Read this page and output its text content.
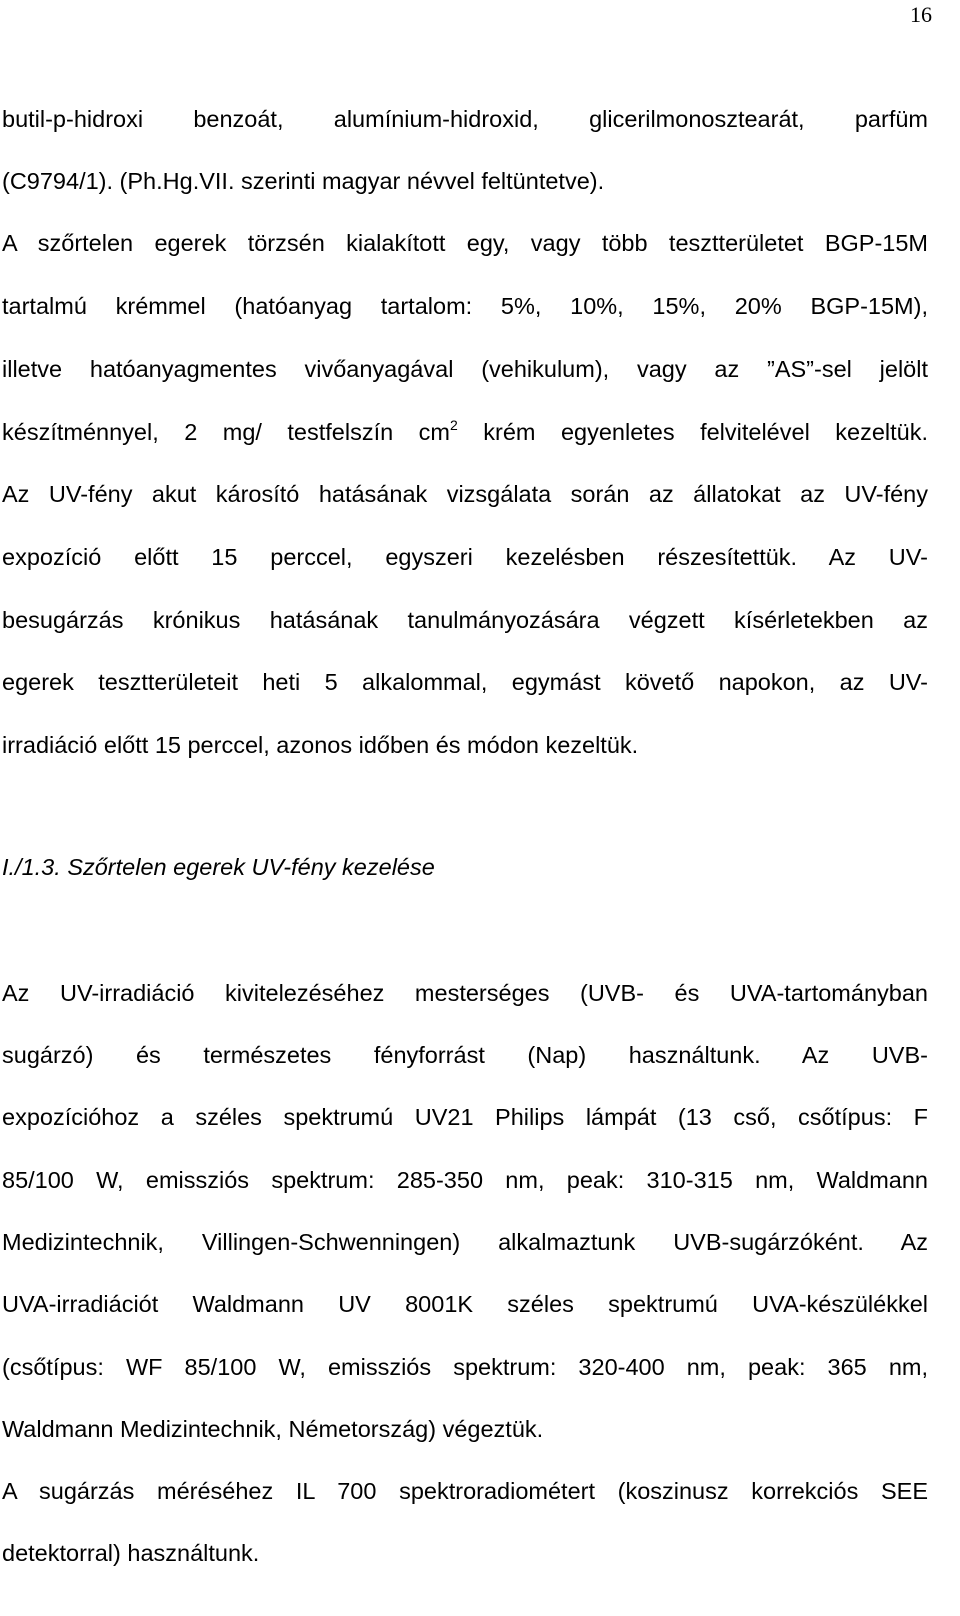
16
butil-p-hidroxi benzoát, alumínium-hidroxid, glicerilmonosztearát, parfüm
(C9794/1). (Ph.Hg.VII. szerinti magyar névvel feltüntetve).
A szőrtelen egerek törzsén kialakított egy, vagy több tesztterületet BGP-15M
tartalmú krémmel (hatóanyag tartalom: 5%, 10%, 15%, 20% BGP-15M),
illetve hatóanyagmentes vivőanyagával (vehikulum), vagy az ”AS”-sel jelölt
készítménnyel, 2 mg/ testfelszín $cm^2$ krém egyenletes felvitelével kezeltük.
Az UV-fény akut károsító hatásának vizsgálata során az állatokat az UV-fény
expozíció előtt 15 perccel, egyszeri kezelésben részesítettük. Az UV-
besugárzás krónikus hatásának tanulmányozására végzett kísérletekben az
egerek tesztterületeit heti 5 alkalommal, egymást követő napokon, az UV-
irradiáció előtt 15 perccel, azonos időben és módon kezeltük.
I./1.3. Szőrtelen egerek UV-fény kezelése
Az UV-irradiáció kivitelezéséhez mesterséges (UVB- és UVA-tartományban
sugárzó) és természetes fényforrást (Nap) használtunk. Az UVB-
expozícióhoz a széles spektrumú UV21 Philips lámpát (13 cső, csőtípus: F
85/100 W, emissziós spektrum: 285-350 nm, peak: 310-315 nm, Waldmann
Medizintechnik, Villingen-Schwenningen) alkalmaztunk UVB-sugárzóként. Az
UVA-irradiációt Waldmann UV 8001K széles spektrumú UVA-készülékkel
(csőtípus: WF 85/100 W, emissziós spektrum: 320-400 nm, peak: 365 nm,
Waldmann Medizintechnik, Németország) végeztük.
A sugárzás méréséhez IL 700 spektroradiométert (koszinusz korrekciós SEE
detektorral) használtunk.
